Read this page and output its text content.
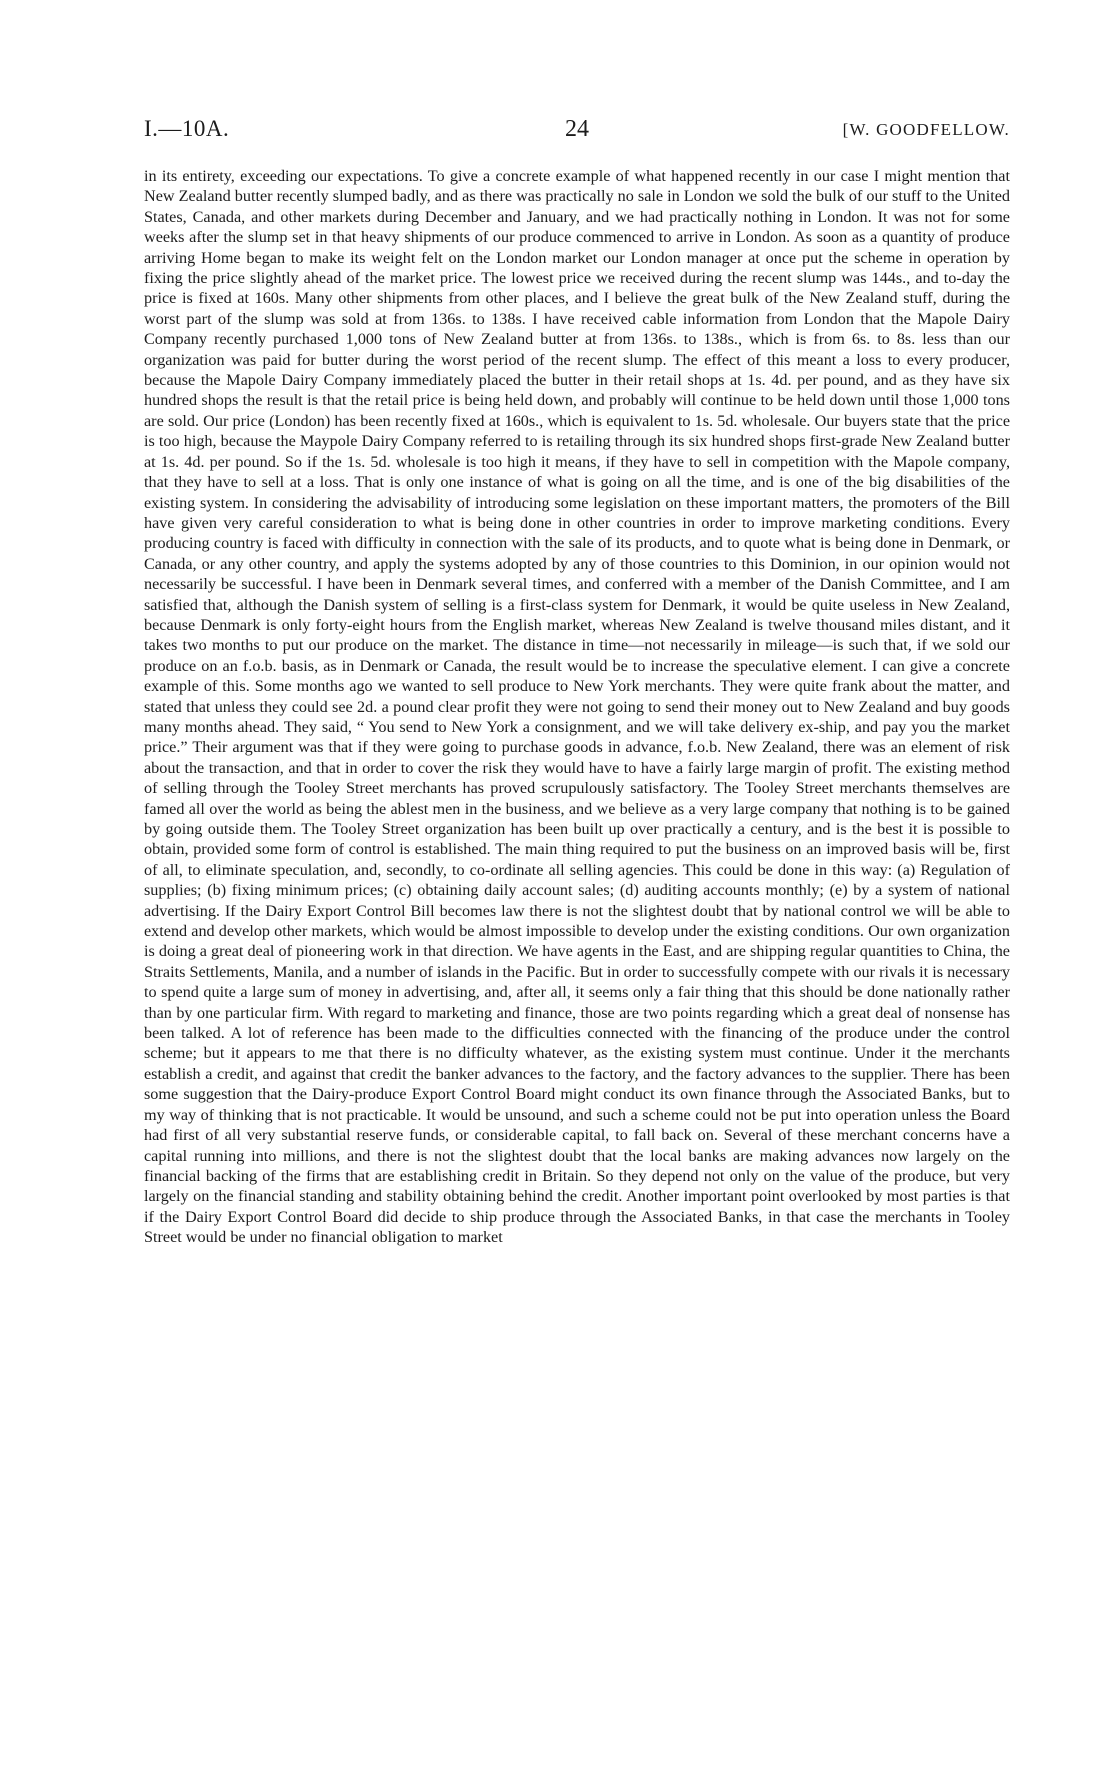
I.—10A.	24	[W. GOODFELLOW.

in its entirety, exceeding our expectations. To give a concrete example of what happened recently in our case I might mention that New Zealand butter recently slumped badly, and as there was practically no sale in London we sold the bulk of our stuff to the United States, Canada, and other markets during December and January, and we had practically nothing in London. It was not for some weeks after the slump set in that heavy shipments of our produce commenced to arrive in London. As soon as a quantity of produce arriving Home began to make its weight felt on the London market our London manager at once put the scheme in operation by fixing the price slightly ahead of the market price. The lowest price we received during the recent slump was 144s., and to-day the price is fixed at 160s. Many other shipments from other places, and I believe the great bulk of the New Zealand stuff, during the worst part of the slump was sold at from 136s. to 138s. I have received cable information from London that the Mapole Dairy Company recently purchased 1,000 tons of New Zealand butter at from 136s. to 138s., which is from 6s. to 8s. less than our organization was paid for butter during the worst period of the recent slump. The effect of this meant a loss to every producer, because the Mapole Dairy Company immediately placed the butter in their retail shops at 1s. 4d. per pound, and as they have six hundred shops the result is that the retail price is being held down, and probably will continue to be held down until those 1,000 tons are sold. Our price (London) has been recently fixed at 160s., which is equivalent to 1s. 5d. wholesale. Our buyers state that the price is too high, because the Maypole Dairy Company referred to is retailing through its six hundred shops first-grade New Zealand butter at 1s. 4d. per pound. So if the 1s. 5d. wholesale is too high it means, if they have to sell in competition with the Mapole company, that they have to sell at a loss. That is only one instance of what is going on all the time, and is one of the big disabilities of the existing system. In considering the advisability of introducing some legislation on these important matters, the promoters of the Bill have given very careful consideration to what is being done in other countries in order to improve marketing conditions. Every producing country is faced with difficulty in connection with the sale of its products, and to quote what is being done in Denmark, or Canada, or any other country, and apply the systems adopted by any of those countries to this Dominion, in our opinion would not necessarily be successful. I have been in Denmark several times, and conferred with a member of the Danish Committee, and I am satisfied that, although the Danish system of selling is a first-class system for Denmark, it would be quite useless in New Zealand, because Denmark is only forty-eight hours from the English market, whereas New Zealand is twelve thousand miles distant, and it takes two months to put our produce on the market. The distance in time—not necessarily in mileage—is such that, if we sold our produce on an f.o.b. basis, as in Denmark or Canada, the result would be to increase the speculative element. I can give a concrete example of this. Some months ago we wanted to sell produce to New York merchants. They were quite frank about the matter, and stated that unless they could see 2d. a pound clear profit they were not going to send their money out to New Zealand and buy goods many months ahead. They said, “ You send to New York a consignment, and we will take delivery ex-ship, and pay you the market price.” Their argument was that if they were going to purchase goods in advance, f.o.b. New Zealand, there was an element of risk about the transaction, and that in order to cover the risk they would have to have a fairly large margin of profit. The existing method of selling through the Tooley Street merchants has proved scrupulously satisfactory. The Tooley Street merchants themselves are famed all over the world as being the ablest men in the business, and we believe as a very large company that nothing is to be gained by going outside them. The Tooley Street organization has been built up over practically a century, and is the best it is possible to obtain, provided some form of control is established. The main thing required to put the business on an improved basis will be, first of all, to eliminate speculation, and, secondly, to co-ordinate all selling agencies. This could be done in this way: (a) Regulation of supplies; (b) fixing minimum prices; (c) obtaining daily account sales; (d) auditing accounts monthly; (e) by a system of national advertising. If the Dairy Export Control Bill becomes law there is not the slightest doubt that by national control we will be able to extend and develop other markets, which would be almost impossible to develop under the existing conditions. Our own organization is doing a great deal of pioneering work in that direction. We have agents in the East, and are shipping regular quantities to China, the Straits Settlements, Manila, and a number of islands in the Pacific. But in order to successfully compete with our rivals it is necessary to spend quite a large sum of money in advertising, and, after all, it seems only a fair thing that this should be done nationally rather than by one particular firm. With regard to marketing and finance, those are two points regarding which a great deal of nonsense has been talked. A lot of reference has been made to the difficulties connected with the financing of the produce under the control scheme; but it appears to me that there is no difficulty whatever, as the existing system must continue. Under it the merchants establish a credit, and against that credit the banker advances to the factory, and the factory advances to the supplier. There has been some suggestion that the Dairy-produce Export Control Board might conduct its own finance through the Associated Banks, but to my way of thinking that is not practicable. It would be unsound, and such a scheme could not be put into operation unless the Board had first of all very substantial reserve funds, or considerable capital, to fall back on. Several of these merchant concerns have a capital running into millions, and there is not the slightest doubt that the local banks are making advances now largely on the financial backing of the firms that are establishing credit in Britain. So they depend not only on the value of the produce, but very largely on the financial standing and stability obtaining behind the credit. Another important point overlooked by most parties is that if the Dairy Export Control Board did decide to ship produce through the Associated Banks, in that case the merchants in Tooley Street would be under no financial obligation to market
